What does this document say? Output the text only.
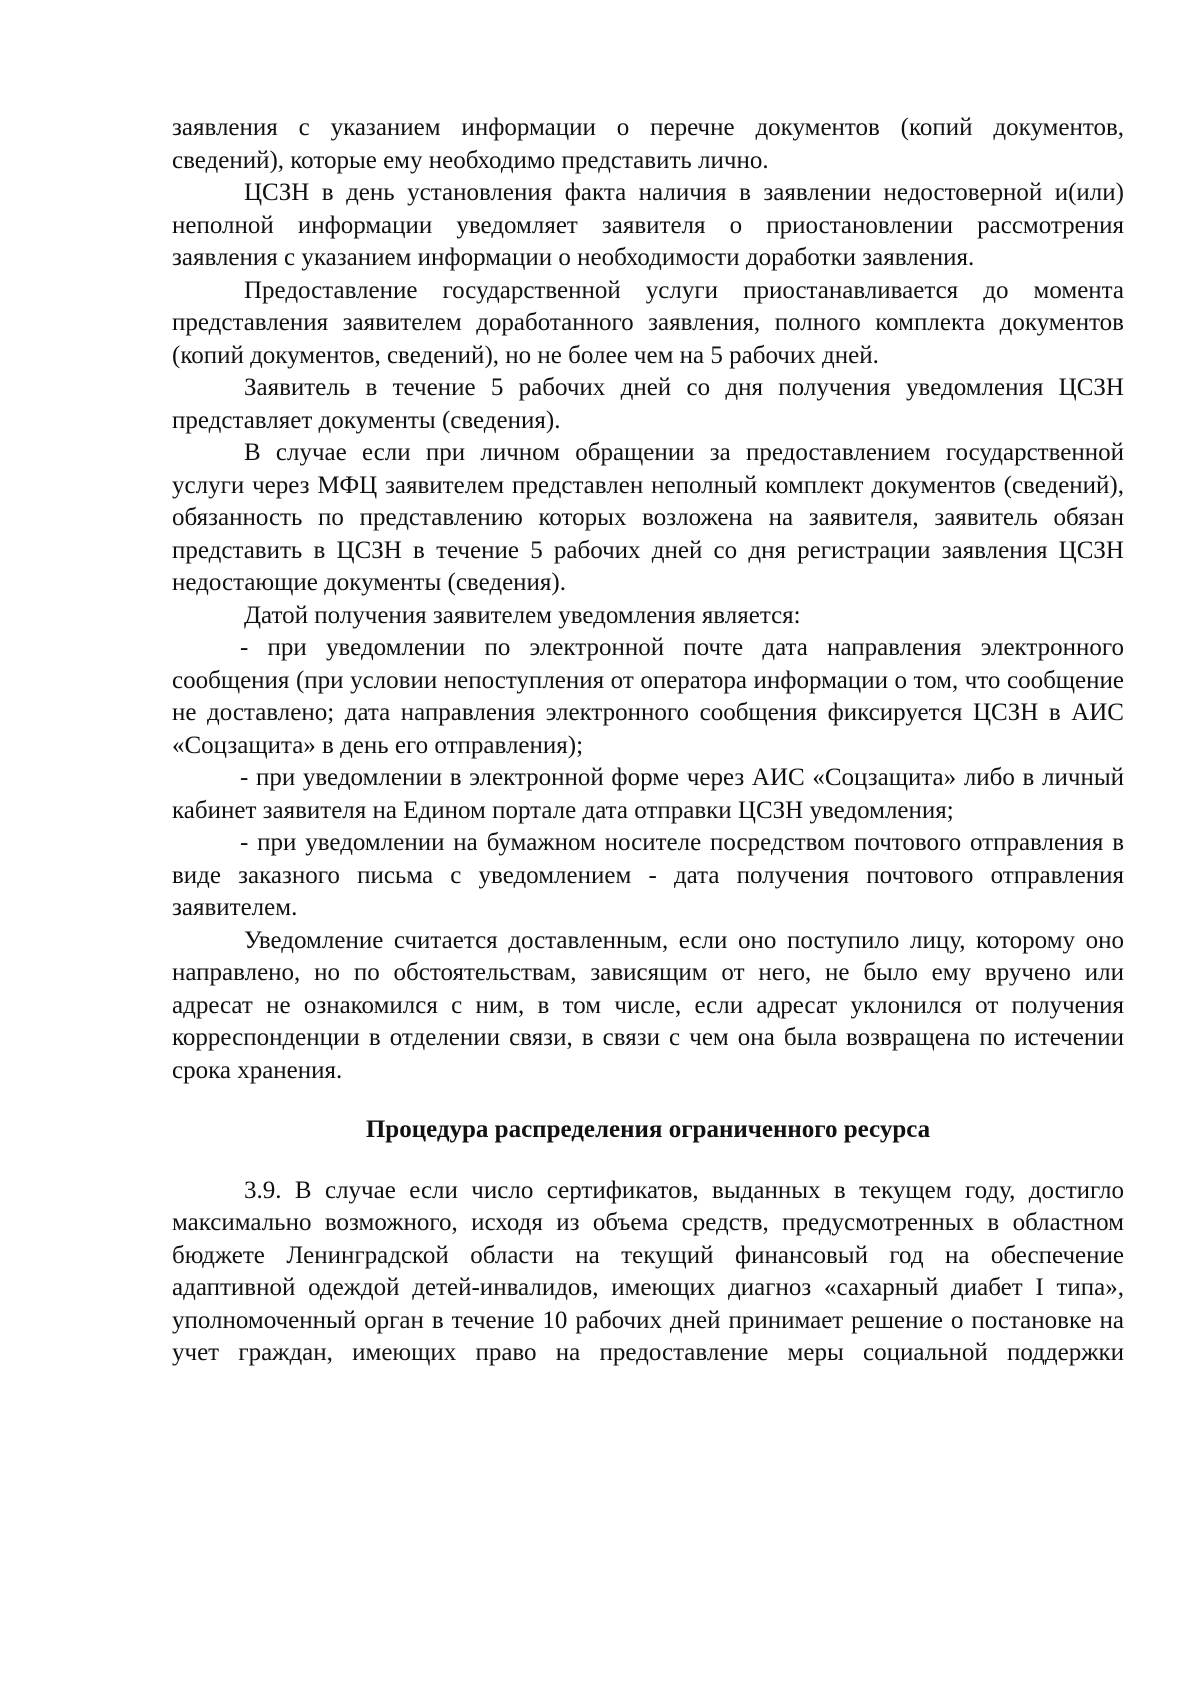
заявления с указанием информации о перечне документов (копий документов, сведений), которые ему необходимо представить лично.

ЦСЗН в день установления факта наличия в заявлении недостоверной и(или) неполной информации уведомляет заявителя о приостановлении рассмотрения заявления с указанием информации о необходимости доработки заявления.

Предоставление государственной услуги приостанавливается до момента представления заявителем доработанного заявления, полного комплекта документов (копий документов, сведений), но не более чем на 5 рабочих дней.

Заявитель в течение 5 рабочих дней со дня получения уведомления ЦСЗН представляет документы (сведения).

В случае если при личном обращении за предоставлением государственной услуги через МФЦ заявителем представлен неполный комплект документов (сведений), обязанность по представлению которых возложена на заявителя, заявитель обязан представить в ЦСЗН в течение 5 рабочих дней со дня регистрации заявления ЦСЗН недостающие документы (сведения).

Датой получения заявителем уведомления является:

- при уведомлении по электронной почте дата направления электронного сообщения (при условии непоступления от оператора информации о том, что сообщение не доставлено; дата направления электронного сообщения фиксируется ЦСЗН в АИС «Соцзащита» в день его отправления);

- при уведомлении в электронной форме через АИС «Соцзащита» либо в личный кабинет заявителя на Едином портале дата отправки ЦСЗН уведомления;

- при уведомлении на бумажном носителе посредством почтового отправления в виде заказного письма с уведомлением - дата получения почтового отправления заявителем.

Уведомление считается доставленным, если оно поступило лицу, которому оно направлено, но по обстоятельствам, зависящим от него, не было ему вручено или адресат не ознакомился с ним, в том числе, если адресат уклонился от получения корреспонденции в отделении связи, в связи с чем она была возвращена по истечении срока хранения.

Процедура распределения ограниченного ресурса

3.9. В случае если число сертификатов, выданных в текущем году, достигло максимально возможного, исходя из объема средств, предусмотренных в областном бюджете Ленинградской области на текущий финансовый год на обеспечение адаптивной одеждой детей-инвалидов, имеющих диагноз «сахарный диабет I типа», уполномоченный орган в течение 10 рабочих дней принимает решение о постановке на учет граждан, имеющих право на предоставление меры социальной поддержки
